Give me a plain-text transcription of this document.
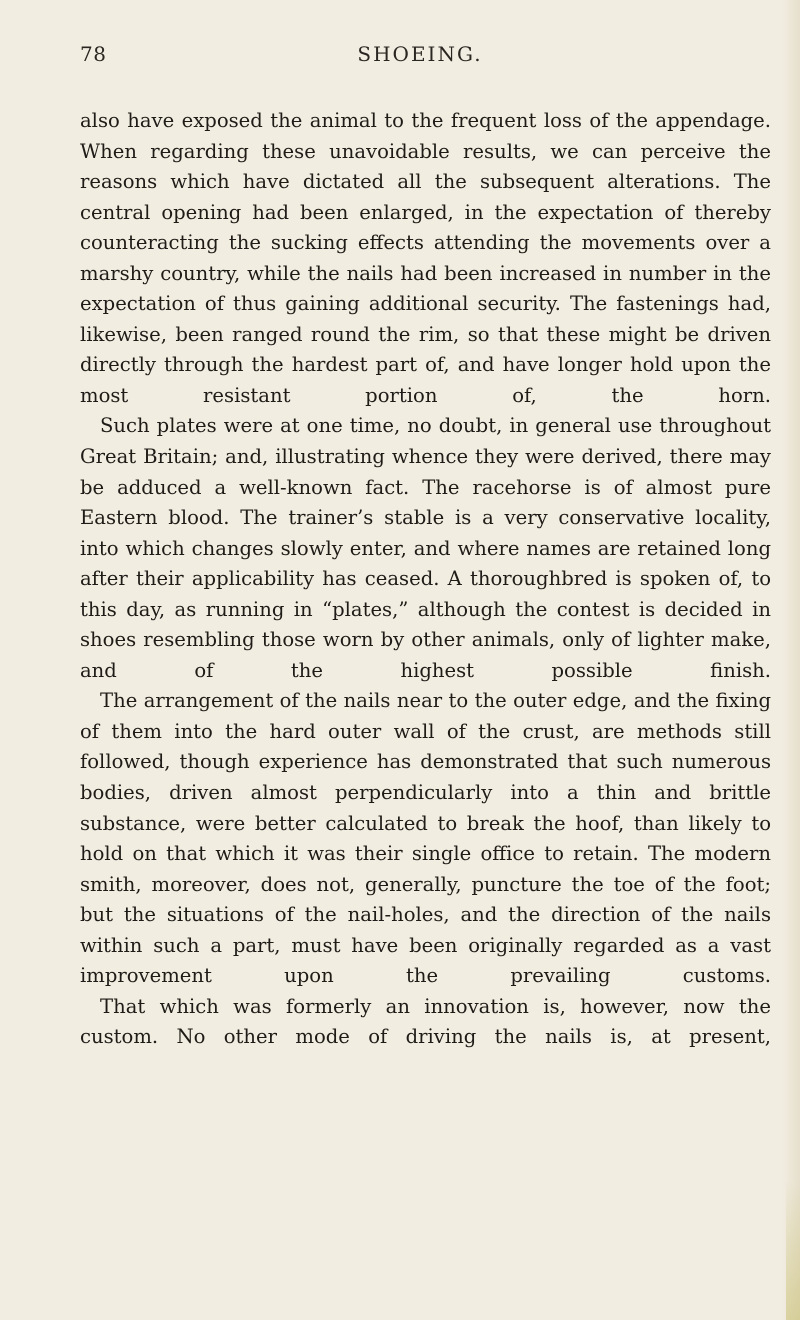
78	SHOEING.

also have exposed the animal to the frequent loss of the appendage. When regarding these unavoidable results, we can perceive the reasons which have dictated all the subsequent alterations. The central opening had been enlarged, in the expectation of thereby counteracting the sucking effects attending the movements over a marshy country, while the nails had been increased in number in the expectation of thus gaining additional security. The fastenings had, likewise, been ranged round the rim, so that these might be driven directly through the hardest part of, and have longer hold upon the most resistant portion of, the horn.

Such plates were at one time, no doubt, in general use throughout Great Britain; and, illustrating whence they were derived, there may be adduced a well-known fact. The racehorse is of almost pure Eastern blood. The trainer’s stable is a very conservative locality, into which changes slowly enter, and where names are retained long after their applicability has ceased. A thoroughbred is spoken of, to this day, as running in “plates,” although the contest is decided in shoes resembling those worn by other animals, only of lighter make, and of the highest possible finish.

The arrangement of the nails near to the outer edge, and the fixing of them into the hard outer wall of the crust, are methods still followed, though experience has demonstrated that such numerous bodies, driven almost perpendicularly into a thin and brittle substance, were better calculated to break the hoof, than likely to hold on that which it was their single office to retain. The modern smith, moreover, does not, generally, puncture the toe of the foot; but the situations of the nail-holes, and the direction of the nails within such a part, must have been originally regarded as a vast improvement upon the prevailing customs.

That which was formerly an innovation is, however, now the custom. No other mode of driving the nails is, at present,
